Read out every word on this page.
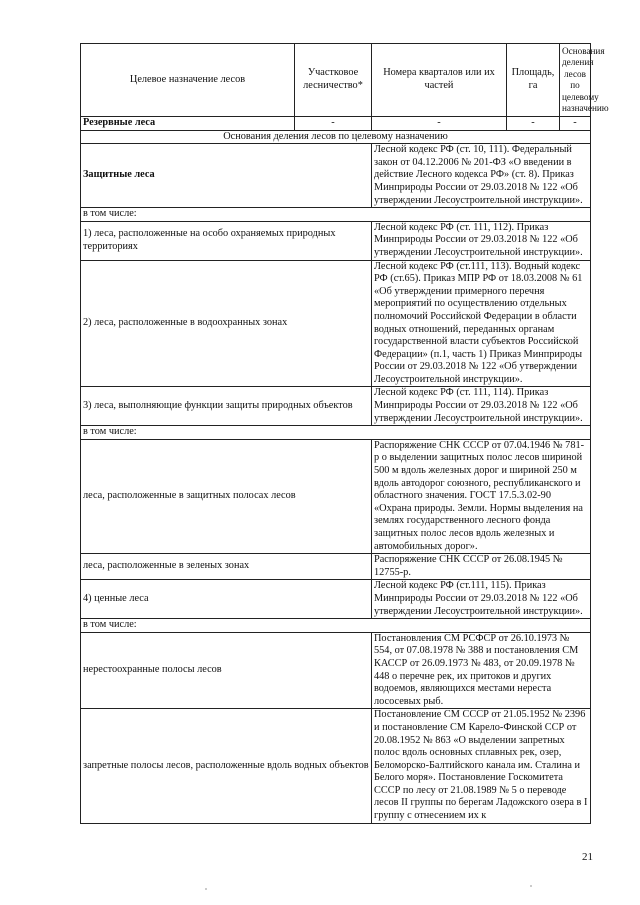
Целевое назначение лесов	Участковое лесничество*	Номера кварталов или их частей	Площадь, га	Основания деления лесов по целевому назначению
Резервные леса	-	-	-	-
Основания деления лесов по целевому назначению				
Защитные леса		Лесной кодекс РФ (ст. 10, 111). Федеральный закон от 04.12.2006 № 201-ФЗ «О введении в действие Лесного кодекса РФ» (ст. 8). Приказ Минприроды России от 29.03.2018 № 122 «Об утверждении Лесоустроительной инструкции».		
в том числе:				
1) леса, расположенные на особо охраняемых природных территориях		Лесной кодекс РФ (ст. 111, 112). Приказ Минприроды России от 29.03.2018 № 122 «Об утверждении Лесоустроительной инструкции».		
2) леса, расположенные в водоохранных зонах		Лесной кодекс РФ (ст.111, 113). Водный кодекс РФ (ст.65). Приказ МПР РФ от 18.03.2008 № 61 «Об утверждении примерного перечня мероприятий по осуществлению отдельных полномочий Российской Федерации в области водных отношений, переданных органам государственной власти субъектов Российской Федерации» (п.1, часть 1) Приказ Минприроды России от 29.03.2018 № 122 «Об утверждении Лесоустроительной инструкции».		
3) леса, выполняющие функции защиты природных объектов		Лесной кодекс РФ (ст. 111, 114). Приказ Минприроды России от 29.03.2018 № 122 «Об утверждении Лесоустроительной инструкции».		
в том числе:				
леса, расположенные в защитных полосах лесов		Распоряжение СНК СССР от 07.04.1946 № 781-р о выделении защитных полос лесов шириной 500 м вдоль железных дорог и шириной 250 м вдоль автодорог союзного, республиканского и областного значения. ГОСТ 17.5.3.02-90 «Охрана природы. Земли. Нормы выделения на землях государственного лесного фонда защитных полос лесов вдоль железных и автомобильных дорог».		
леса, расположенные в зеленых зонах		Распоряжение СНК СССР от 26.08.1945 № 12755-р.		
4) ценные леса		Лесной кодекс РФ (ст.111, 115). Приказ Минприроды России от 29.03.2018 № 122 «Об утверждении Лесоустроительной инструкции».		
в том числе:				
нерестоохранные полосы лесов		Постановления СМ РСФСР от 26.10.1973 № 554, от 07.08.1978 № 388 и постановления СМ КАССР от 26.09.1973 № 483, от 20.09.1978 № 448 о перечне рек, их притоков и других водоемов, являющихся местами нереста лососевых рыб.		
запретные полосы лесов, расположенные вдоль водных объектов		Постановление СМ СССР от 21.05.1952 № 2396 и постановление СМ Карело-Финской ССР от 20.08.1952 № 863 «О выделении запретных полос вдоль основных сплавных рек, озер, Беломорско-Балтийского канала им. Сталина и Белого моря». Постановление Госкомитета СССР по лесу от 21.08.1989 № 5 о переводе лесов II группы по берегам Ладожского озера в I группу с отнесением их к		
21
